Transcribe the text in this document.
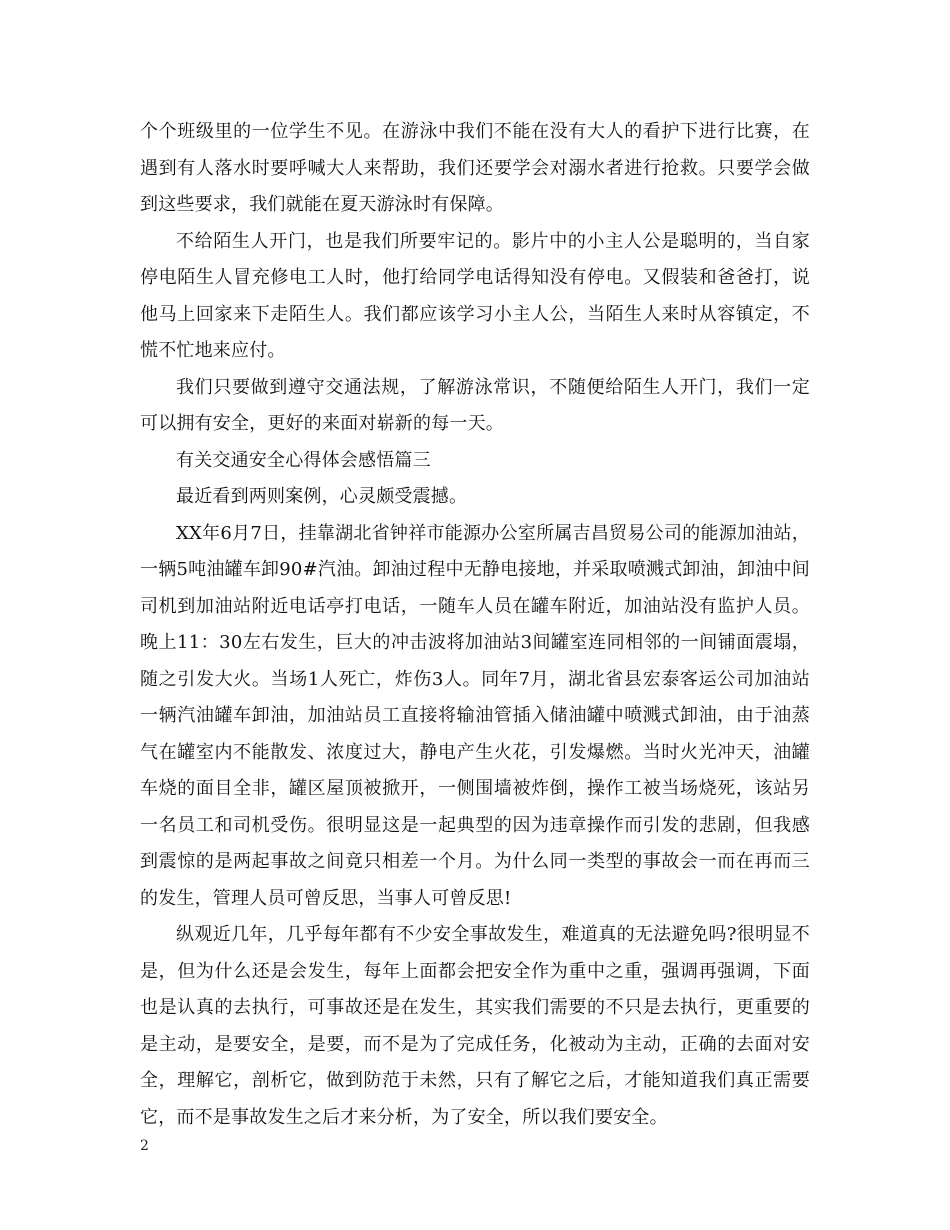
个个班级里的一位学生不见。在游泳中我们不能在没有大人的看护下进行比赛，在遇到有人落水时要呼喊大人来帮助，我们还要学会对溺水者进行抢救。只要学会做到这些要求，我们就能在夏天游泳时有保障。

不给陌生人开门，也是我们所要牢记的。影片中的小主人公是聪明的，当自家停电陌生人冒充修电工人时，他打给同学电话得知没有停电。又假装和爸爸打，说他马上回家来下走陌生人。我们都应该学习小主人公，当陌生人来时从容镇定，不慌不忙地来应付。

我们只要做到遵守交通法规，了解游泳常识，不随便给陌生人开门，我们一定可以拥有安全，更好的来面对崭新的每一天。

有关交通安全心得体会感悟篇三

最近看到两则案例，心灵颇受震撼。

XX年6月7日，挂靠湖北省钟祥市能源办公室所属吉昌贸易公司的能源加油站，一辆5吨油罐车卸90#汽油。卸油过程中无静电接地，并采取喷溅式卸油，卸油中间司机到加油站附近电话亭打电话，一随车人员在罐车附近，加油站没有监护人员。晚上11：30左右发生，巨大的冲击波将加油站3间罐室连同相邻的一间铺面震塌，随之引发大火。当场1人死亡，炸伤3人。同年7月，湖北省县宏泰客运公司加油站一辆汽油罐车卸油，加油站员工直接将输油管插入储油罐中喷溅式卸油，由于油蒸气在罐室内不能散发、浓度过大，静电产生火花，引发爆燃。当时火光冲天，油罐车烧的面目全非，罐区屋顶被掀开，一侧围墙被炸倒，操作工被当场烧死，该站另一名员工和司机受伤。很明显这是一起典型的因为违章操作而引发的悲剧，但我感到震惊的是两起事故之间竟只相差一个月。为什么同一类型的事故会一而在再而三的发生，管理人员可曾反思，当事人可曾反思!

纵观近几年，几乎每年都有不少安全事故发生，难道真的无法避免吗?很明显不是，但为什么还是会发生，每年上面都会把安全作为重中之重，强调再强调，下面也是认真的去执行，可事故还是在发生，其实我们需要的不只是去执行，更重要的是主动，是要安全，是要，而不是为了完成任务，化被动为主动，正确的去面对安全，理解它，剖析它，做到防范于未然，只有了解它之后，才能知道我们真正需要它，而不是事故发生之后才来分析，为了安全，所以我们要安全。

2
